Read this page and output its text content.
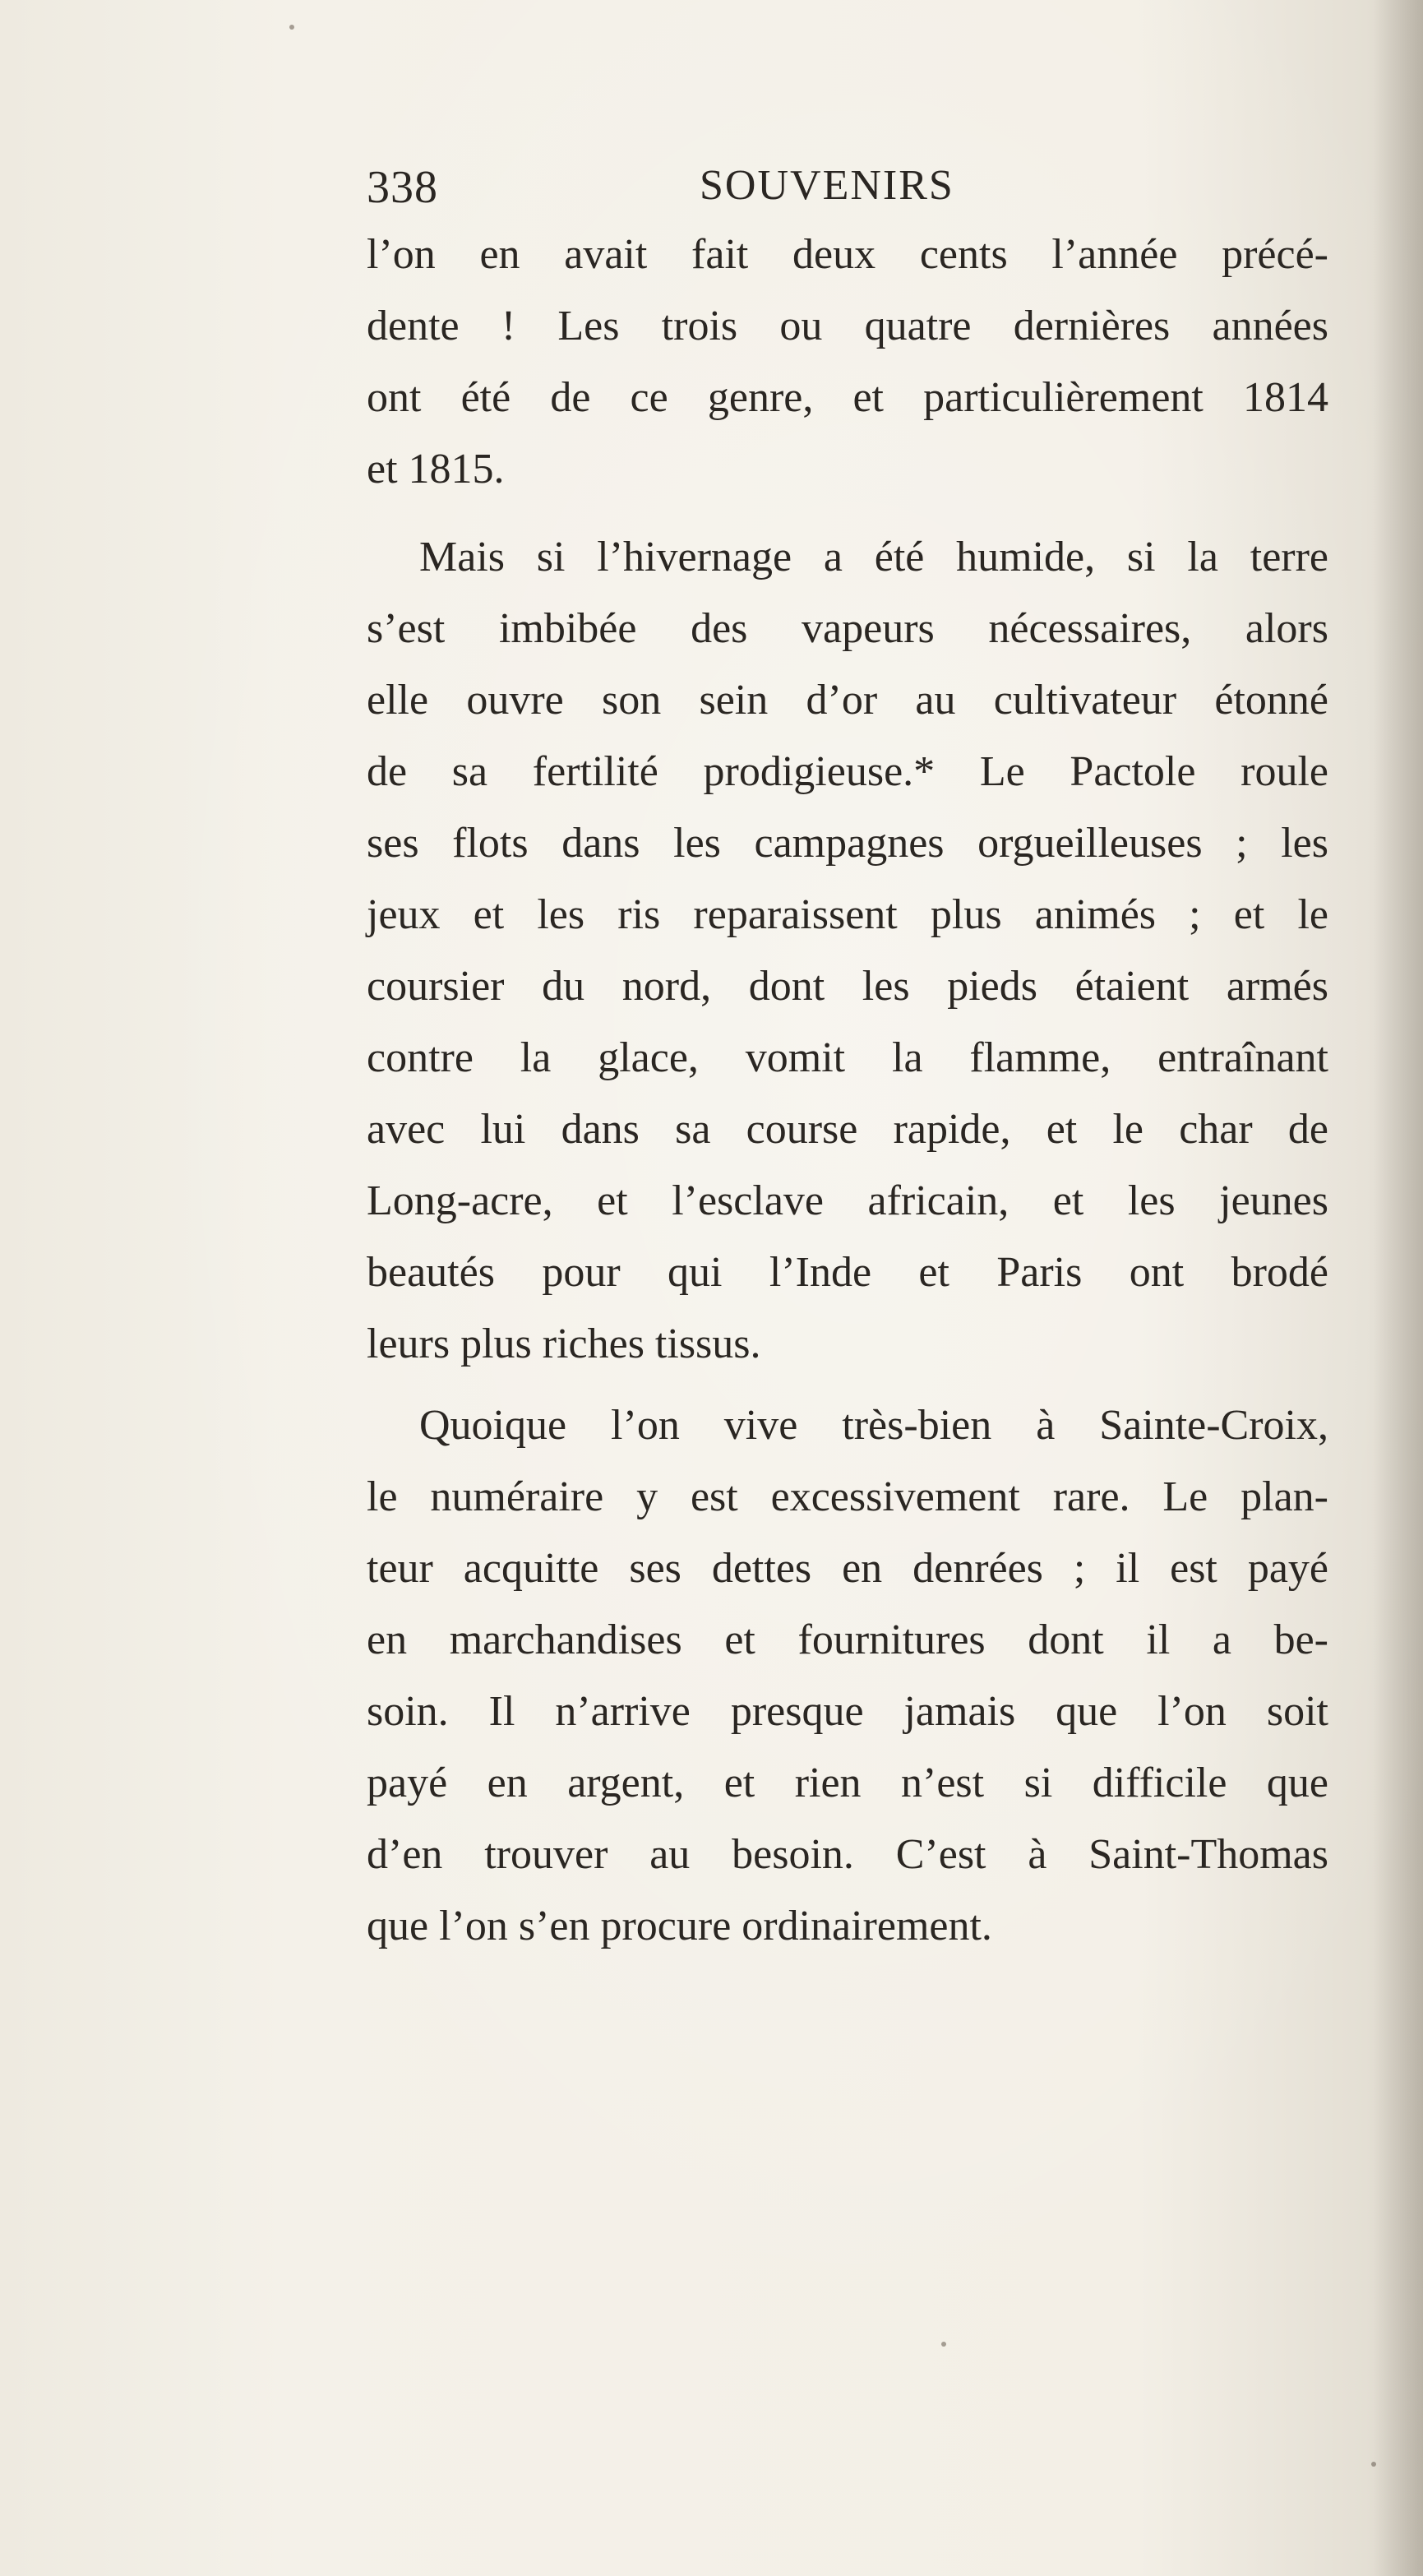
338	SOUVENIRS
l’on en avait fait deux cents l’année précé-
dente ! Les trois ou quatre dernières années
ont été de ce genre, et particulièrement 1814
et 1815.
Mais si l’hivernage a été humide, si la terre
s’est imbibée des vapeurs nécessaires, alors
elle ouvre son sein d’or au cultivateur étonné
de sa fertilité prodigieuse.* Le Pactole roule
ses flots dans les campagnes orgueilleuses ; les
jeux et les ris reparaissent plus animés ; et le
coursier du nord, dont les pieds étaient armés
contre la glace, vomit la flamme, entraînant
avec lui dans sa course rapide, et le char de
Long-acre, et l’esclave africain, et les jeunes
beautés pour qui l’Inde et Paris ont brodé
leurs plus riches tissus.
Quoique l’on vive très-bien à Sainte-Croix,
le numéraire y est excessivement rare. Le plan-
teur acquitte ses dettes en denrées ; il est payé
en marchandises et fournitures dont il a be-
soin. Il n’arrive presque jamais que l’on soit
payé en argent, et rien n’est si difficile que
d’en trouver au besoin. C’est à Saint-Thomas
que l’on s’en procure ordinairement.
